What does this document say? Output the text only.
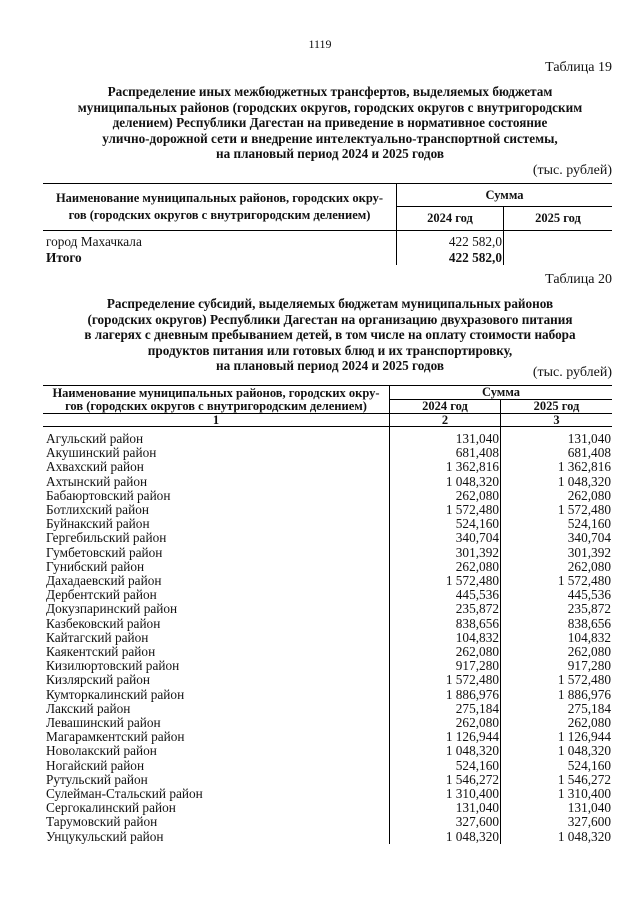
1119
Таблица 19
Распределение иных межбюджетных трансфертов, выделяемых бюджетам
муниципальных районов (городских округов, городских округов с внутригородским
делением) Республики Дагестан на приведение в нормативное состояние
улично-дорожной сети и внедрение интелектуально-транспортной системы,
на плановый период 2024 и 2025 годов
(тыс. рублей)
Наименование муниципальных районов, городских окру-
гов (городских округов с внутригородским делением)	Сумма	
	2024 год	2025 год
город Махачкала	422 582,0	
Итого	422 582,0	
Таблица 20
Распределение субсидий, выделяемых бюджетам муниципальных районов
(городских округов) Республики Дагестан на организацию двухразового питания
в лагерях с дневным пребыванием детей, в том числе на оплату стоимости набора
продуктов питания или готовых блюд и их транспортировку,
на плановый период 2024 и 2025 годов	(тыс. рублей)
Наименование муниципальных районов, городских окру-
гов (городских округов с внутригородским делением)	Сумма	
	2024 год	2025 год
1	2	3
Агульский район	131,040	131,040
Акушинский район	681,408	681,408
Ахвахский район	1 362,816	1 362,816
Ахтынский район	1 048,320	1 048,320
Бабаюртовский район	262,080	262,080
Ботлихский район	1 572,480	1 572,480
Буйнакский район	524,160	524,160
Гергебильский район	340,704	340,704
Гумбетовский район	301,392	301,392
Гунибский район	262,080	262,080
Дахадаевский район	1 572,480	1 572,480
Дербентский район	445,536	445,536
Докузпаринский район	235,872	235,872
Казбековский район	838,656	838,656
Кайтагский район	104,832	104,832
Каякентский район	262,080	262,080
Кизилюртовский район	917,280	917,280
Кизлярский район	1 572,480	1 572,480
Кумторкалинский район	1 886,976	1 886,976
Лакский район	275,184	275,184
Левашинский район	262,080	262,080
Магарамкентский район	1 126,944	1 126,944
Новолакский район	1 048,320	1 048,320
Ногайский район	524,160	524,160
Рутульский район	1 546,272	1 546,272
Сулейман-Стальский район	1 310,400	1 310,400
Сергокалинский район	131,040	131,040
Тарумовский район	327,600	327,600
Унцукульский район	1 048,320	1 048,320
